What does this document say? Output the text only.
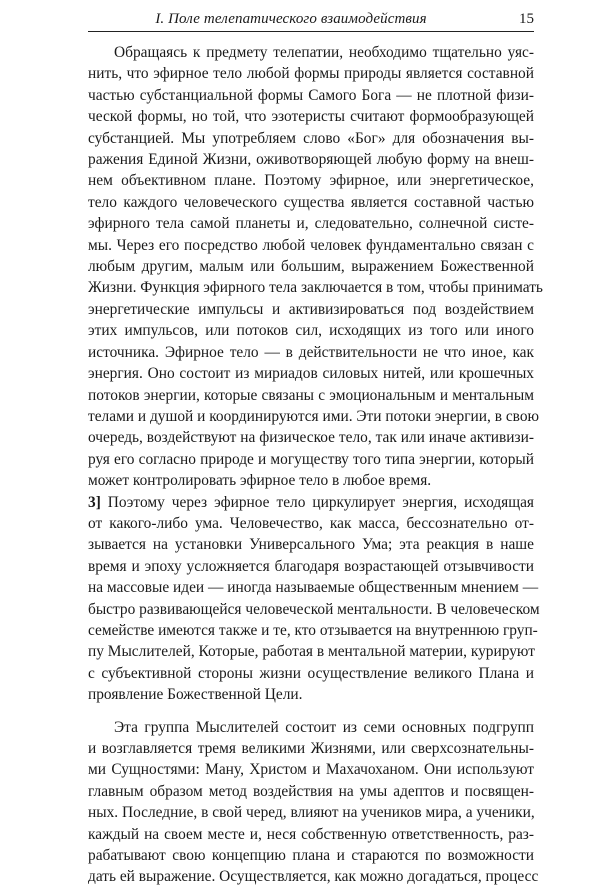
I. Поле телепатического взаимодействия	15
Обращаясь к предмету телепатии, необходимо тщательно уяс-
нить, что эфирное тело любой формы природы является составной
частью субстанциальной формы Самого Бога — не плотной физи-
ческой формы, но той, что эзотеристы считают формообразующей
субстанцией. Мы употребляем слово «Бог» для обозначения вы-
ражения Единой Жизни, оживотворяющей любую форму на внеш-
нем объективном плане. Поэтому эфирное, или энергетическое,
тело каждого человеческого существа является составной частью
эфирного тела самой планеты и, следовательно, солнечной систе-
мы. Через его посредство любой человек фундаментально связан с
любым другим, малым или большим, выражением Божественной
Жизни. Функция эфирного тела заключается в том, чтобы принимать
энергетические импульсы и активизироваться под воздействием
этих импульсов, или потоков сил, исходящих из того или иного
источника. Эфирное тело — в действительности не что иное, как
энергия. Оно состоит из мириадов силовых нитей, или крошечных
потоков энергии, которые связаны с эмоциональным и ментальным
телами и душой и координируются ими. Эти потоки энергии, в свою
очередь, воздействуют на физическое тело, так или иначе активизи-
руя его согласно природе и могуществу того типа энергии, который
может контролировать эфирное тело в любое время.
3] Поэтому через эфирное тело циркулирует энергия, исходящая
от какого-либо ума. Человечество, как масса, бессознательно от-
зывается на установки Универсального Ума; эта реакция в наше
время и эпоху усложняется благодаря возрастающей отзывчивости
на массовые идеи — иногда называемые общественным мнением —
быстро развивающейся человеческой ментальности. В человеческом
семействе имеются также и те, кто отзывается на внутреннюю груп-
пу Мыслителей, Которые, работая в ментальной материи, курируют
с субъективной стороны жизни осуществление великого Плана и
проявление Божественной Цели.
Эта группа Мыслителей состоит из семи основных подгрупп
и возглавляется тремя великими Жизнями, или сверхсознательны-
ми Сущностями: Ману, Христом и Махачоханом. Они используют
главным образом метод воздействия на умы адептов и посвящен-
ных. Последние, в свой черед, влияют на учеников мира, а ученики,
каждый на своем месте и, неся собственную ответственность, раз-
рабатывают свою концепцию плана и стараются по возможности
дать ей выражение. Осуществляется, как можно догадаться, процесс
